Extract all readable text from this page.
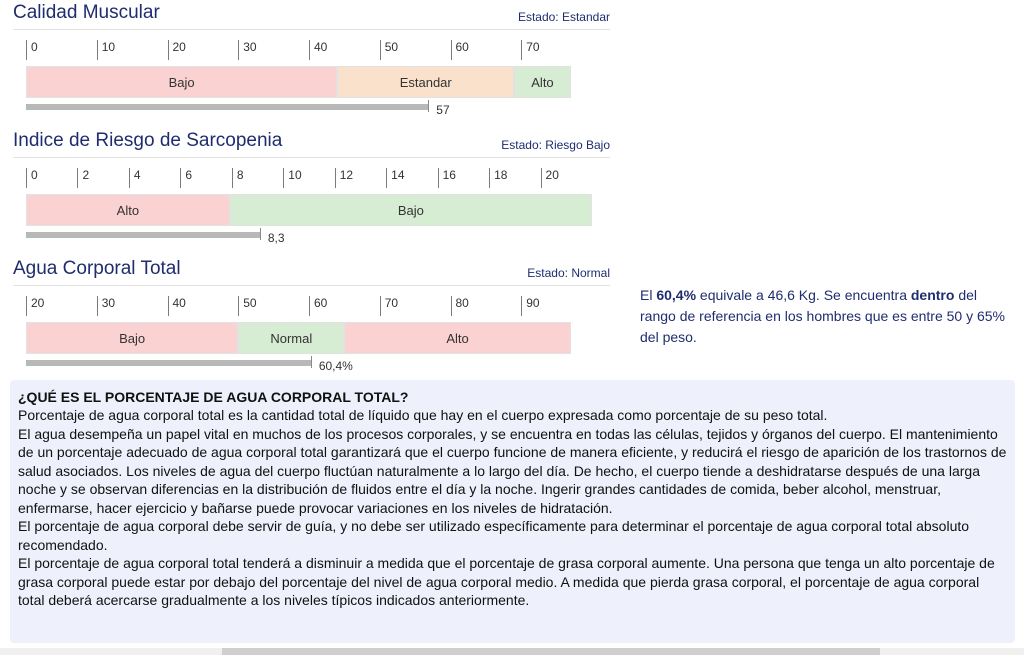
Calidad Muscular	Estado: Estandar
0	10	20	30	40	50	60	70
Bajo	Estandar	Alto
57
Indice de Riesgo de Sarcopenia	Estado: Riesgo Bajo
0	2	4	6	8	10	12	14	16	18	20
Alto	Bajo
8,3
Agua Corporal Total	Estado: Normal
20	30	40	50	60	70	80	90
Bajo	Normal	Alto
60,4%
El 60,4% equivale a 46,6 Kg. Se encuentra dentro del rango de referencia en los hombres que es entre 50 y 65% del peso.
¿QUÉ ES EL PORCENTAJE DE AGUA CORPORAL TOTAL?

Porcentaje de agua corporal total es la cantidad total de líquido que hay en el cuerpo expresada como porcentaje de su peso total.

El agua desempeña un papel vital en muchos de los procesos corporales, y se encuentra en todas las células, tejidos y órganos del cuerpo. El mantenimiento de un porcentaje adecuado de agua corporal total garantizará que el cuerpo funcione de manera eficiente, y reducirá el riesgo de aparición de los trastornos de salud asociados. Los niveles de agua del cuerpo fluctúan naturalmente a lo largo del día. De hecho, el cuerpo tiende a deshidratarse después de una larga noche y se observan diferencias en la distribución de fluidos entre el día y la noche. Ingerir grandes cantidades de comida, beber alcohol, menstruar, enfermarse, hacer ejercicio y bañarse puede provocar variaciones en los niveles de hidratación.

El porcentaje de agua corporal debe servir de guía, y no debe ser utilizado específicamente para determinar el porcentaje de agua corporal total absoluto recomendado.

El porcentaje de agua corporal total tenderá a disminuir a medida que el porcentaje de grasa corporal aumente. Una persona que tenga un alto porcentaje de grasa corporal puede estar por debajo del porcentaje del nivel de agua corporal medio. A medida que pierda grasa corporal, el porcentaje de agua corporal total deberá acercarse gradualmente a los niveles típicos indicados anteriormente.
